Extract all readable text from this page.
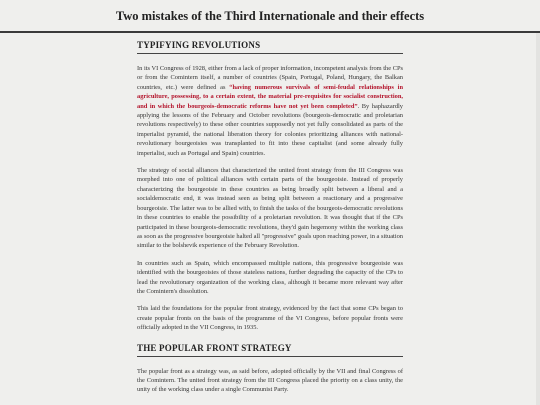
Two mistakes of the Third Internationale and their effects
TYPIFYING REVOLUTIONS

In its VI Congress of 1928, either from a lack of proper information, incompetent analysis from the CPs or from the Comintern itself, a number of countries (Spain, Portugal, Poland, Hungary, the Balkan countries, etc.) were defined as “having numerous survivals of semi-feudal relationships in agriculture, possessing, to a certain extent, the material pre-requisites for socialist construction, and in which the bourgeois-democratic reforms have not yet been completed”. By haphazardly applying the lessons of the February and October revolutions (bourgeois-democratic and proletarian revolutions respectively) to these other countries supposedly not yet fully consolidated as parts of the imperialist pyramid, the national liberation theory for colonies prioritizing alliances with national-revolutionary bourgeoisies was transplanted to fit into these capitalist (and some already fully imperialist, such as Portugal and Spain) countries.

The strategy of social alliances that characterized the united front strategy from the III Congress was morphed into one of political alliances with certain parts of the bourgeoisie. Instead of properly characterizing the bourgeoisie in these countries as being broadly split between a liberal and a socialdemocratic end, it was instead seen as being split between a reactionary and a progressive bourgeoisie. The latter was to be allied with, to finish the tasks of the bourgeois-democratic revolutions in these countries to enable the possibility of a proletarian revolution. It was thought that if the CPs participated in these bourgeois-democratic revolutions, they'd gain hegemony within the working class as soon as the progressive bourgeoisie halted all "progressive" goals upon reaching power, in a situation similar to the bolshevik experience of the February Revolution.

In countries such as Spain, which encompassed multiple nations, this progressive bourgeoisie was identified with the bourgeoisies of those stateless nations, further degrading the capacity of the CPs to lead the revolutionary organization of the working class, although it became more relevant way after the Comintern's dissolution.

This laid the foundations for the popular front strategy, evidenced by the fact that some CPs began to create popular fronts on the basis of the programme of the VI Congress, before popular fronts were officially adopted in the VII Congress, in 1935.

THE POPULAR FRONT STRATEGY

The popular front as a strategy was, as said before, adopted officially by the VII and final Congress of the Comintern. The united front strategy from the III Congress placed the priority on a class unity, the unity of the working class under a single Communist Party.
